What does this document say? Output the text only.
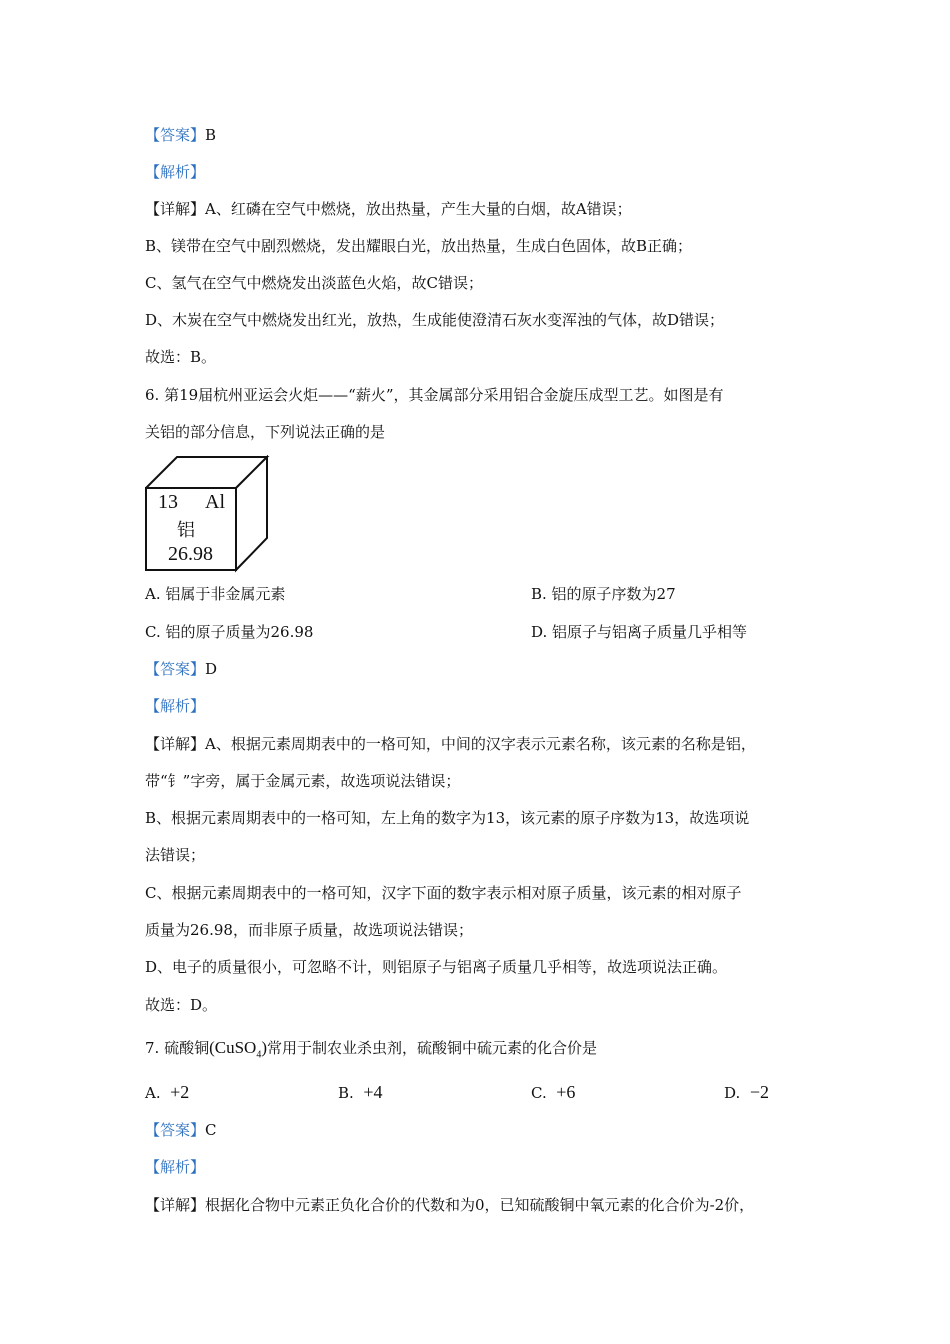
【答案】B
【解析】
【详解】A、红磷在空气中燃烧，放出热量，产生大量的白烟，故A错误；
B、镁带在空气中剧烈燃烧，发出耀眼白光，放出热量，生成白色固体，故B正确；
C、氢气在空气中燃烧发出淡蓝色火焰，故C错误；
D、木炭在空气中燃烧发出红光，放热，生成能使澄清石灰水变浑浊的气体，故D错误；
故选：B。
6. 第19届杭州亚运会火炬——“薪火”，其金属部分采用铝合金旋压成型工艺。如图是有
关铝的部分信息，下列说法正确的是
13 Al
铝
26.98
A. 铝属于非金属元素	B. 铝的原子序数为27
C. 铝的原子质量为26.98	D. 铝原子与铝离子质量几乎相等
【答案】D
【解析】
【详解】A、根据元素周期表中的一格可知，中间的汉字表示元素名称，该元素的名称是铝，
带“钅”字旁，属于金属元素，故选项说法错误；
B、根据元素周期表中的一格可知，左上角的数字为13，该元素的原子序数为13，故选项说
法错误；
C、根据元素周期表中的一格可知，汉字下面的数字表示相对原子质量，该元素的相对原子
质量为26.98，而非原子质量，故选项说法错误；
D、电子的质量很小，可忽略不计，则铝原子与铝离子质量几乎相等，故选项说法正确。
故选：D。
7. 硫酸铜(CuSO$_4$)常用于制农业杀虫剂，硫酸铜中硫元素的化合价是
A. +2	B. +4	C. +6	D. −2
【答案】C
【解析】
【详解】根据化合物中元素正负化合价的代数和为0，已知硫酸铜中氧元素的化合价为-2价，
